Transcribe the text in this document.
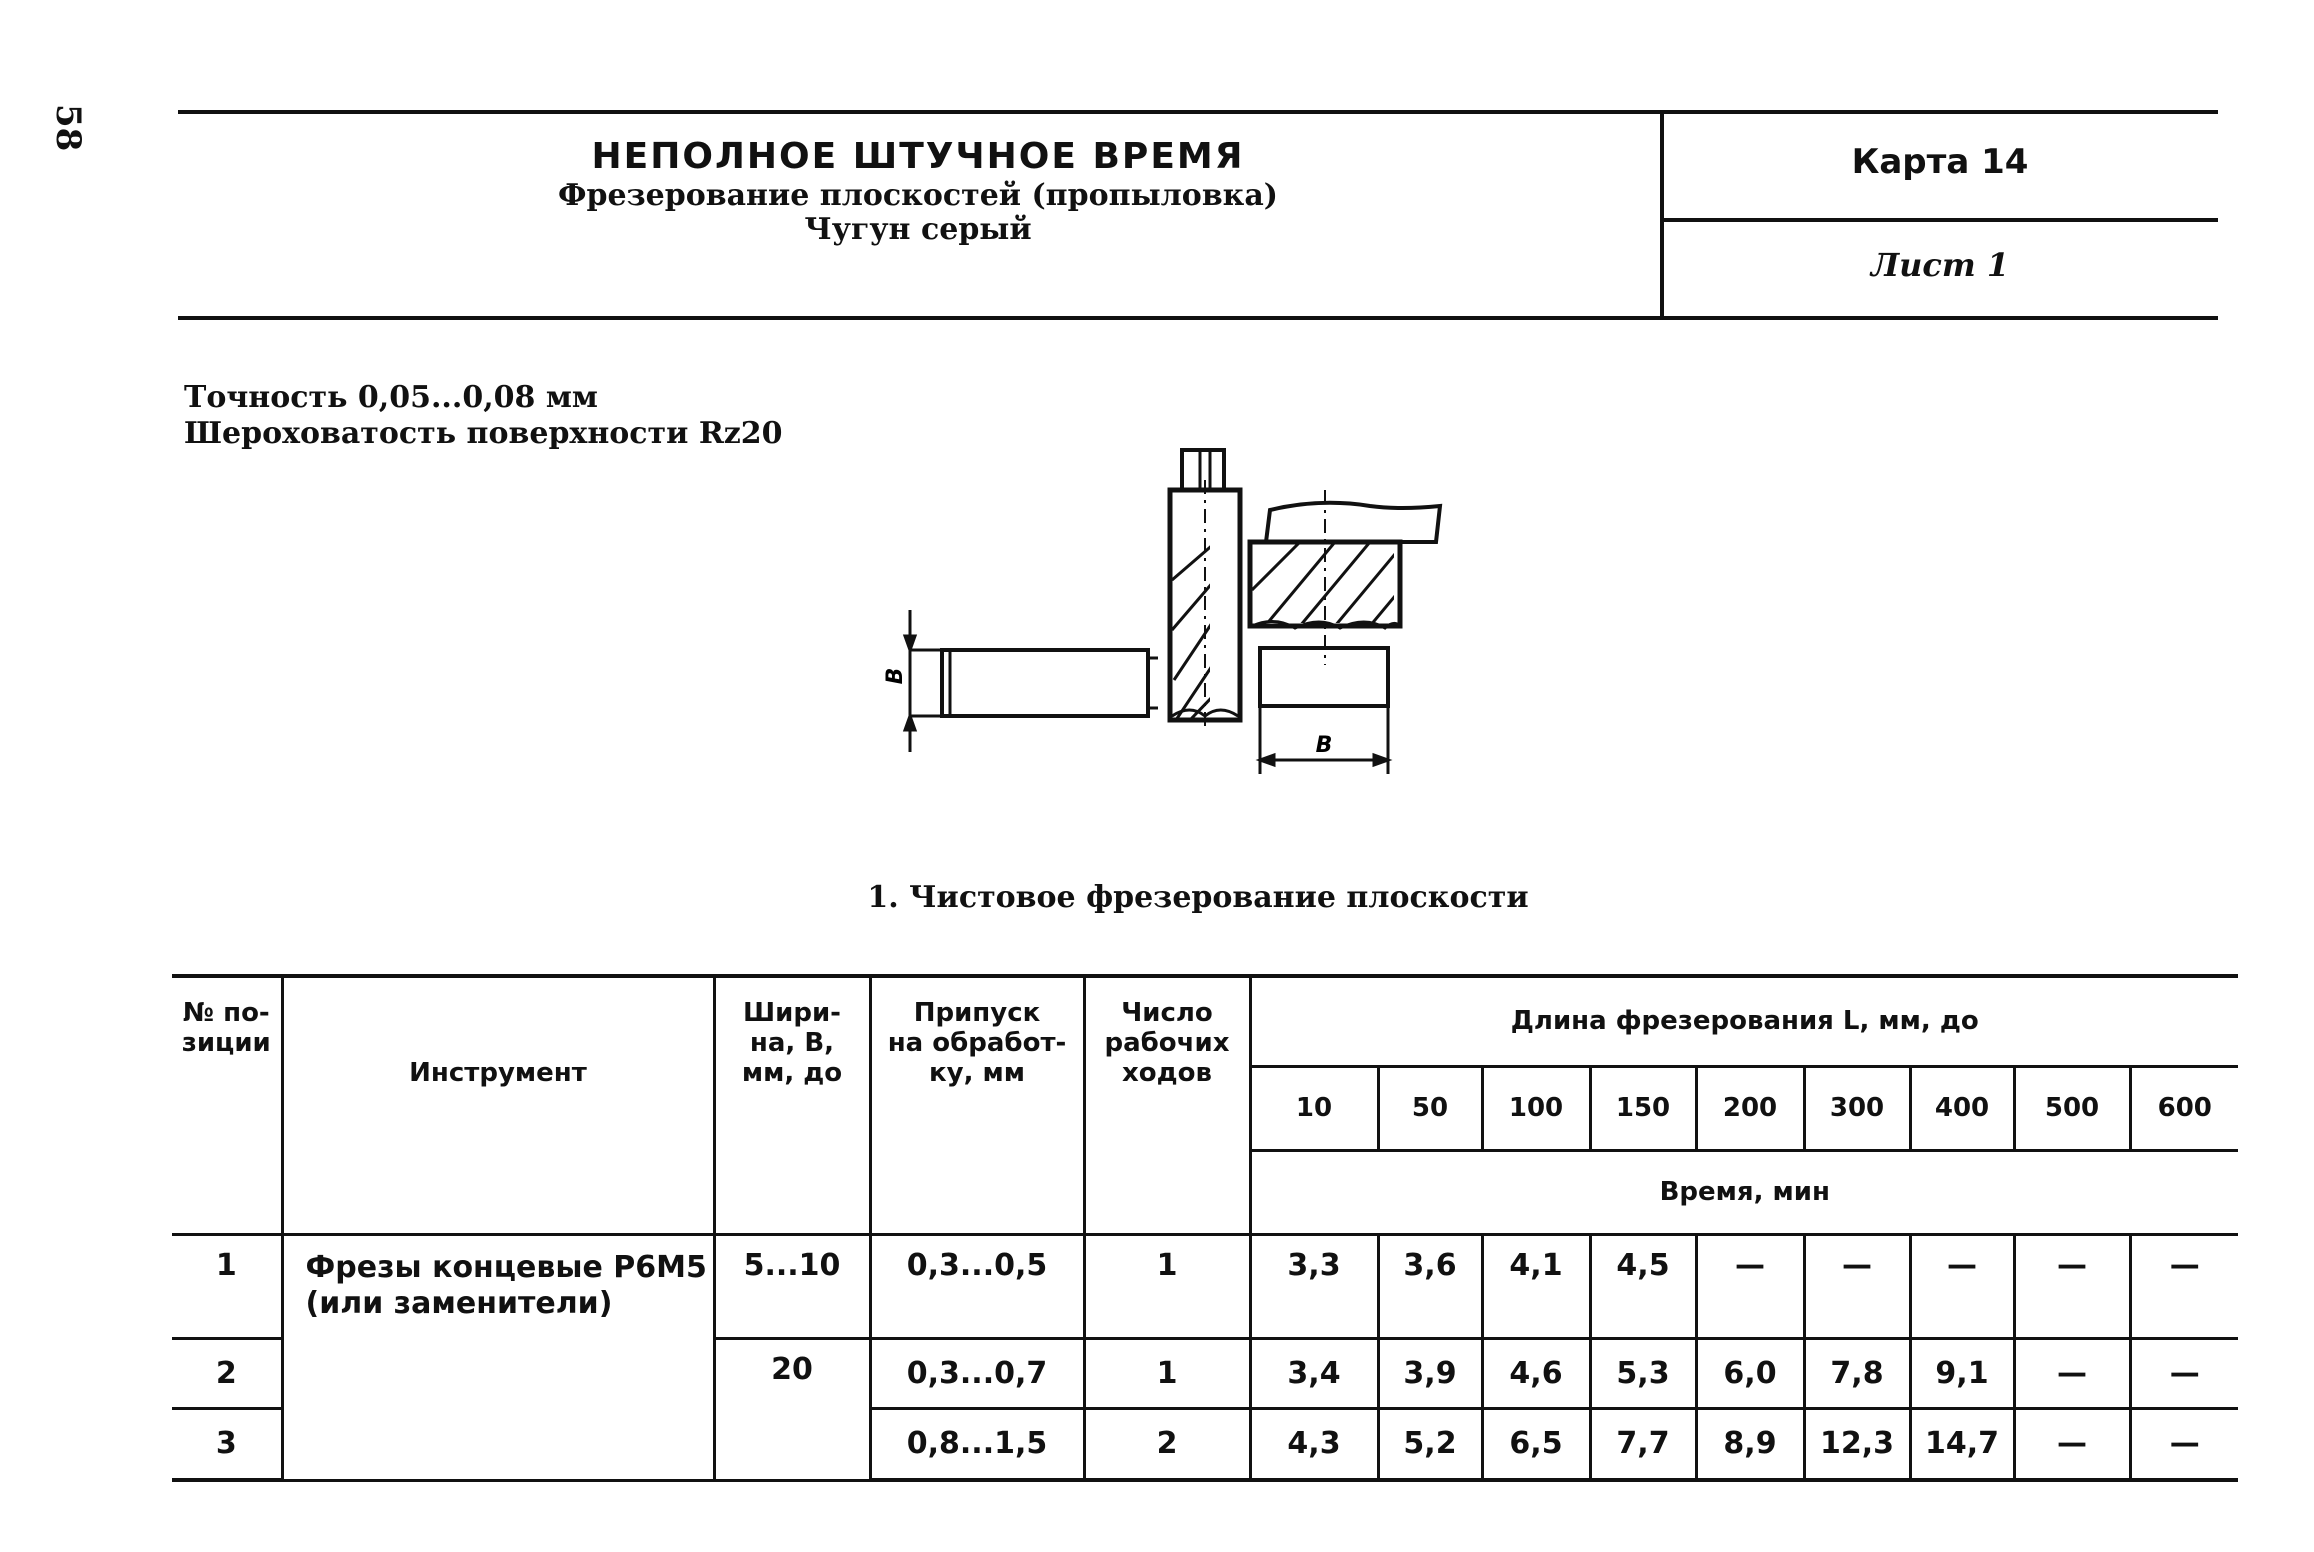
58
НЕПОЛНОЕ ШТУЧНОЕ ВРЕМЯ
Фрезерование плоскостей (пропыловка)
Чугун серый
Карта 14
Лист 1
Точность 0,05...0,08 мм
Шероховатость поверхности Rz20
B
B
1. Чистовое фрезерование плоскости
№ по-
зиции	Инструмент	Шири-
на, В,
мм, до	Припуск
на обработ-
ку, мм	Число
рабочих
ходов	Длина фрезерования L, мм, до								
					10	50	100	150	200	300	400	500	600
					Время, мин								
1	Фрезы концевые Р6М5 (или заменители)	5...10	0,3...0,5	1	3,3	3,6	4,1	4,5	—	—	—	—	—
2		20	0,3...0,7	1	3,4	3,9	4,6	5,3	6,0	7,8	9,1	—	—
3			0,8...1,5	2	4,3	5,2	6,5	7,7	8,9	12,3	14,7	—	—
